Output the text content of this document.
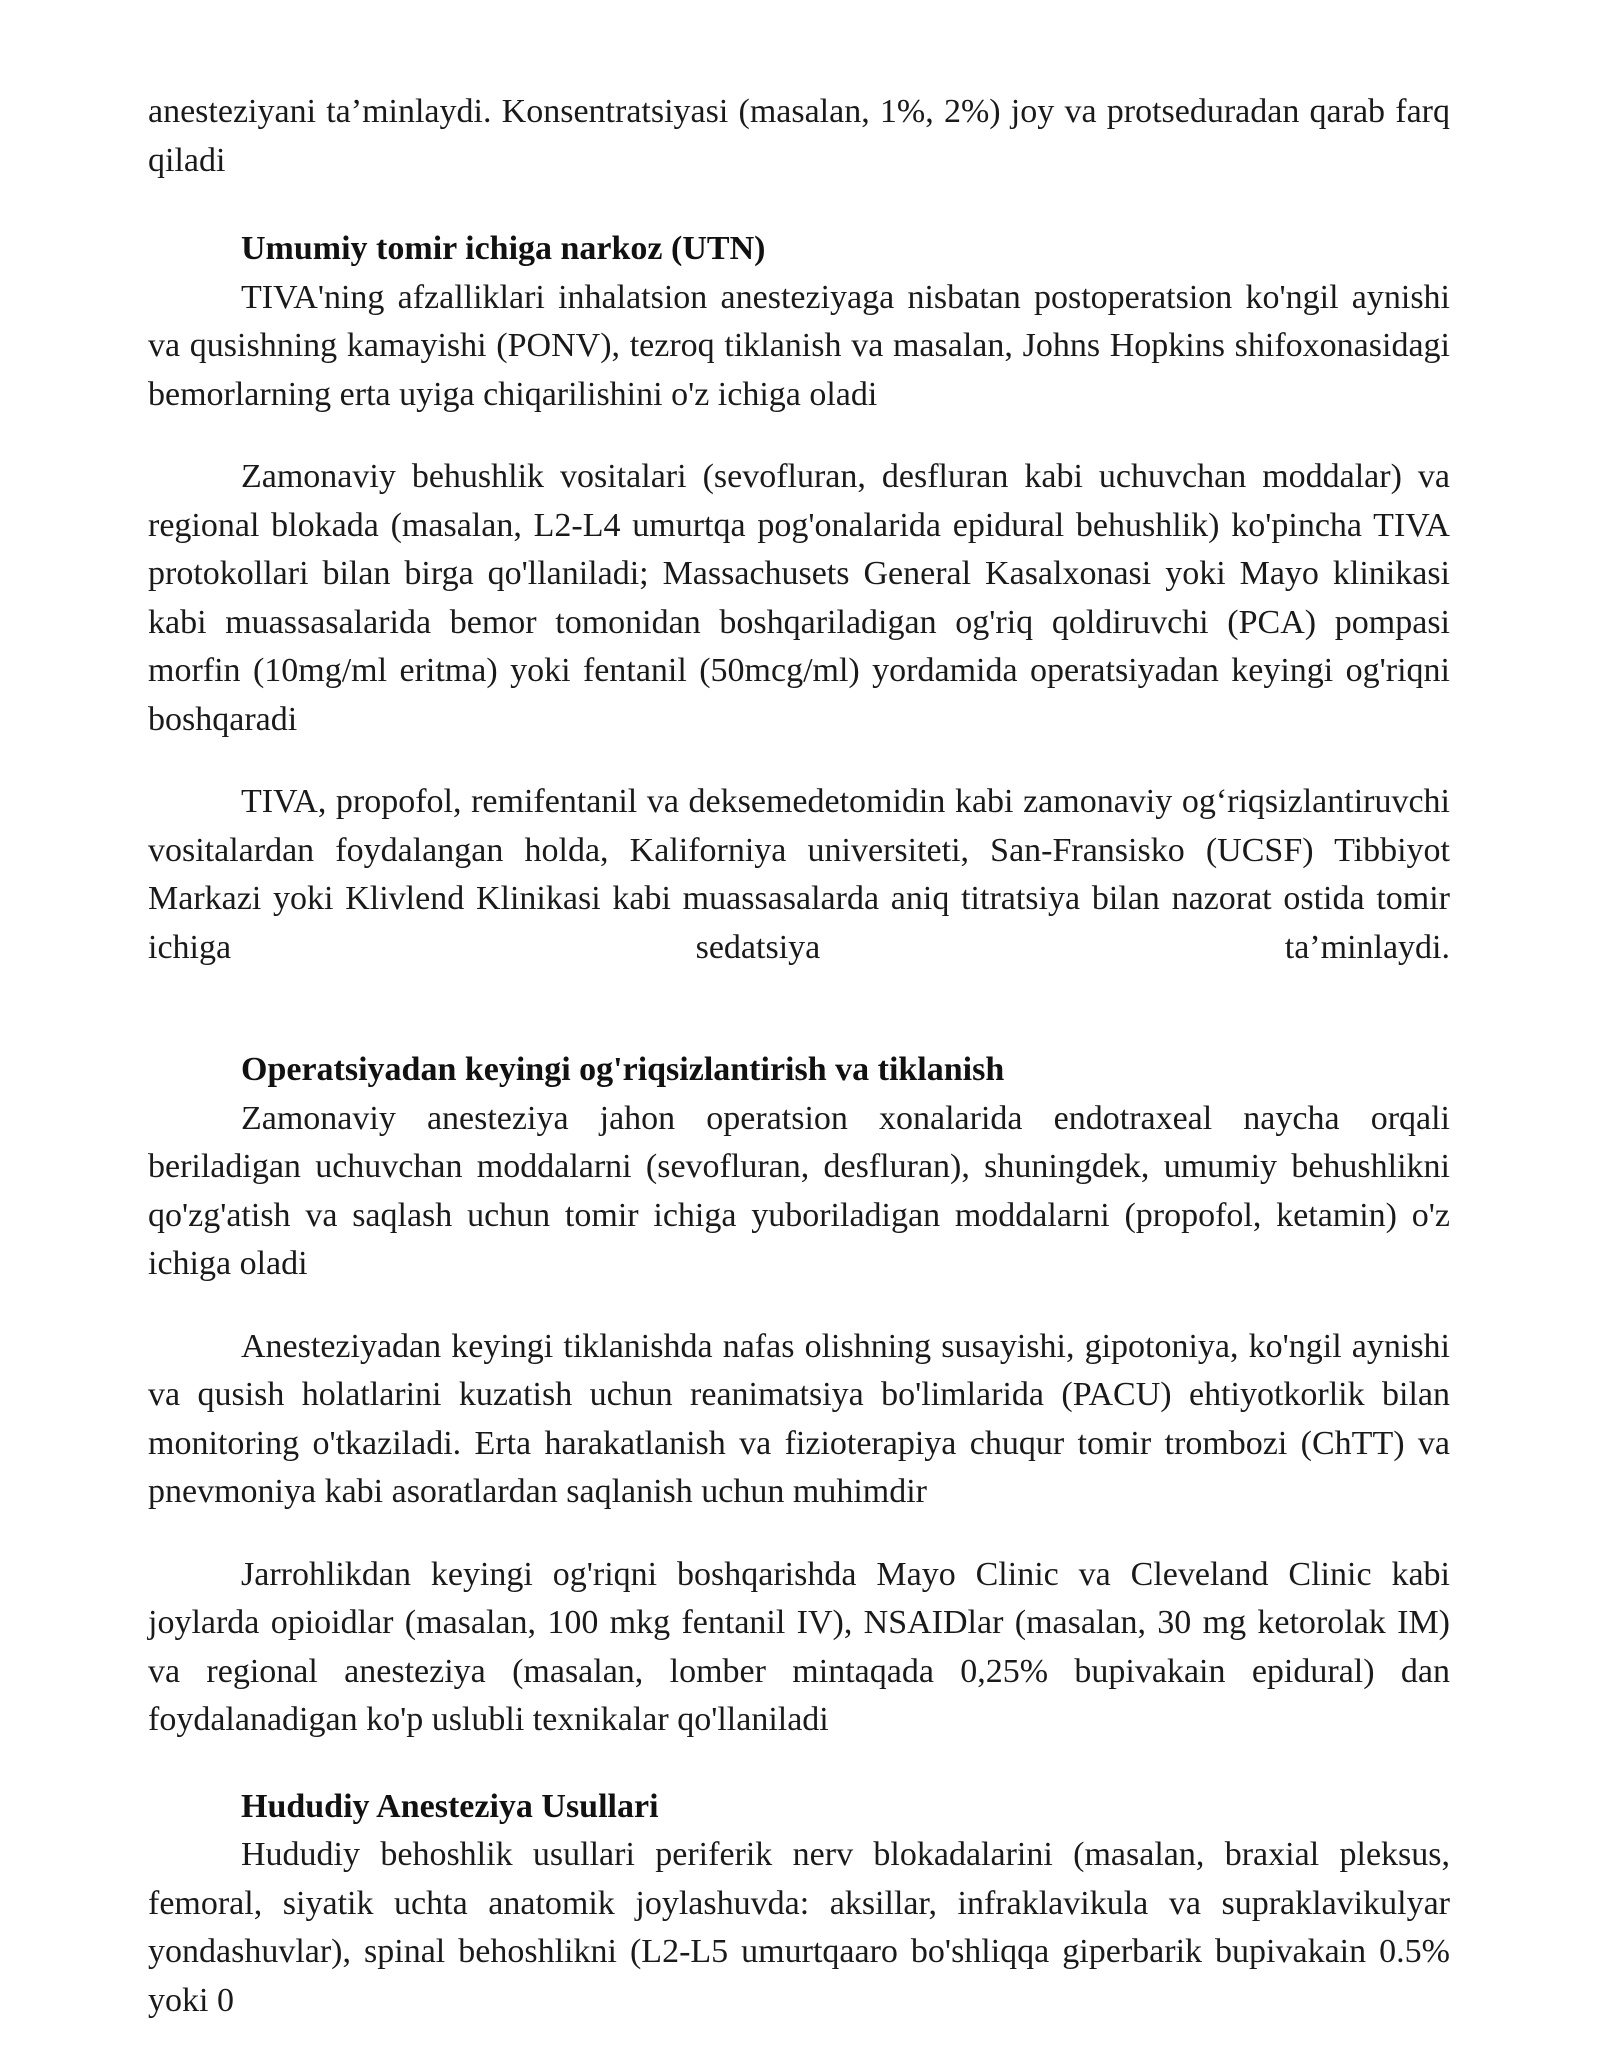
anesteziyani ta’minlaydi. Konsentratsiyasi (masalan, 1%, 2%) joy va protseduradan qarab farq qiladi

Umumiy tomir ichiga narkoz (UTN)

TIVA'ning afzalliklari inhalatsion anesteziyaga nisbatan postoperatsion ko'ngil aynishi va qusishning kamayishi (PONV), tezroq tiklanish va masalan, Johns Hopkins shifoxonasidagi bemorlarning erta uyiga chiqarilishini o'z ichiga oladi

Zamonaviy behushlik vositalari (sevofluran, desfluran kabi uchuvchan moddalar) va regional blokada (masalan, L2-L4 umurtqa pog'onalarida epidural behushlik) ko'pincha TIVA protokollari bilan birga qo'llaniladi; Massachusets General Kasalxonasi yoki Mayo klinikasi kabi muassasalarida bemor tomonidan boshqariladigan og'riq qoldiruvchi (PCA) pompasi morfin (10mg/ml eritma) yoki fentanil (50mcg/ml) yordamida operatsiyadan keyingi og'riqni boshqaradi

TIVA, propofol, remifentanil va deksemedetomidin kabi zamonaviy og‘riqsizlantiruvchi vositalardan foydalangan holda, Kaliforniya universiteti, San-Fransisko (UCSF) Tibbiyot Markazi yoki Klivlend Klinikasi kabi muassasalarda aniq titratsiya bilan nazorat ostida tomir ichiga sedatsiya ta’minlaydi.

Operatsiyadan keyingi og'riqsizlantirish va tiklanish

Zamonaviy anesteziya jahon operatsion xonalarida endotraxeal naycha orqali beriladigan uchuvchan moddalarni (sevofluran, desfluran), shuningdek, umumiy behushlikni qo'zg'atish va saqlash uchun tomir ichiga yuboriladigan moddalarni (propofol, ketamin) o'z ichiga oladi

Anesteziyadan keyingi tiklanishda nafas olishning susayishi, gipotoniya, ko'ngil aynishi va qusish holatlarini kuzatish uchun reanimatsiya bo'limlarida (PACU) ehtiyotkorlik bilan monitoring o'tkaziladi. Erta harakatlanish va fizioterapiya chuqur tomir trombozi (ChTT) va pnevmoniya kabi asoratlardan saqlanish uchun muhimdir

Jarrohlikdan keyingi og'riqni boshqarishda Mayo Clinic va Cleveland Clinic kabi joylarda opioidlar (masalan, 100 mkg fentanil IV), NSAIDlar (masalan, 30 mg ketorolak IM) va regional anesteziya (masalan, lomber mintaqada 0,25% bupivakain epidural) dan foydalanadigan ko'p uslubli texnikalar qo'llaniladi

Hududiy Anesteziya Usullari

Hududiy behoshlik usullari periferik nerv blokadalarini (masalan, braxial pleksus, femoral, siyatik uchta anatomik joylashuvda: aksillar, infraklavikula va supraklavikulyar yondashuvlar), spinal behoshlikni (L2-L5 umurtqaaro bo'shliqqa giperbarik bupivakain 0.5% yoki 0
